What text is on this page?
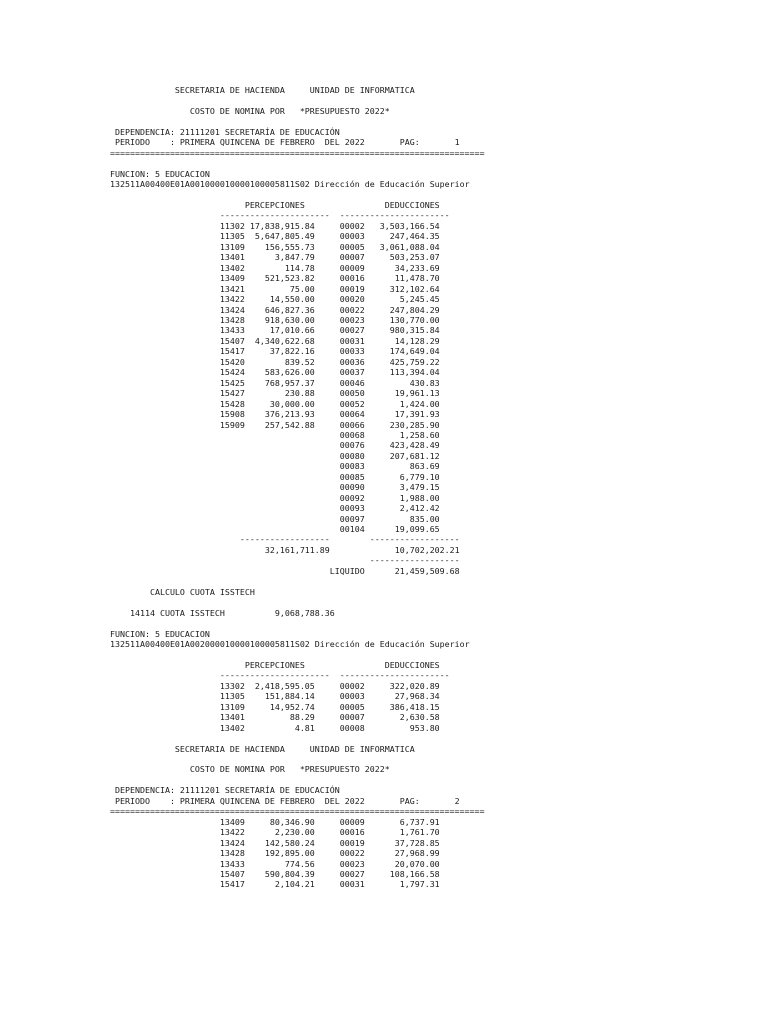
SECRETARIA DE HACIENDA     UNIDAD DE INFORMATICA

COSTO DE NOMINA POR   *PRESUPUESTO 2022*

DEPENDENCIA: 21111201 SECRETARÍA DE EDUCACIÓN
PERIODO    : PRIMERA QUINCENA DE FEBRERO  DEL 2022       PAG:       1
===========================================================================

FUNCION: 5 EDUCACION
132511A00400E01A001000010000100005811S02 Dirección de Educación Superior

PERCEPCIONES                DEDUCCIONES
----------------------  ----------------------
11302 17,838,915.84     00002   3,503,166.54
11305  5,647,805.49     00003     247,464.35
13109    156,555.73     00005   3,061,088.04
13401      3,847.79     00007     503,253.07
13402        114.78     00009      34,233.69
13409    521,523.82     00016      11,478.70
13421         75.00     00019     312,102.64
13422     14,550.00     00020       5,245.45
13424    646,827.36     00022     247,804.29
13428    918,630.00     00023     130,770.00
13433     17,010.66     00027     980,315.84
15407  4,340,622.68     00031      14,128.29
15417     37,822.16     00033     174,649.04
15420        839.52     00036     425,759.22
15424    583,626.00     00037     113,394.04
15425    768,957.37     00046         430.83
15427        230.88     00050      19,961.13
15428     30,000.00     00052       1,424.00
15908    376,213.93     00064      17,391.93
15909    257,542.88     00066     230,285.90
00068       1,258.60
00076     423,428.49
00080     207,681.12
00083         863.69
00085       6,779.10
00090       3,479.15
00092       1,988.00
00093       2,412.42
00097         835.00
00104      19,099.65
------------------        ------------------
32,161,711.89             10,702,202.21
------------------
LIQUIDO      21,459,509.68

CALCULO CUOTA ISSTECH

14114 CUOTA ISSTECH          9,068,788.36

FUNCION: 5 EDUCACION
132511A00400E01A002000010000100005811S02 Dirección de Educación Superior

PERCEPCIONES                DEDUCCIONES
----------------------  ----------------------
13302  2,418,595.05     00002     322,020.89
11305    151,884.14     00003      27,968.34
13109     14,952.74     00005     386,418.15
13401         88.29     00007       2,630.58
13402          4.81     00008         953.80

SECRETARIA DE HACIENDA     UNIDAD DE INFORMATICA

COSTO DE NOMINA POR   *PRESUPUESTO 2022*

DEPENDENCIA: 21111201 SECRETARÍA DE EDUCACIÓN
PERIODO    : PRIMERA QUINCENA DE FEBRERO  DEL 2022       PAG:       2
===========================================================================
13409     80,346.90     00009       6,737.91
13422      2,230.00     00016       1,761.70
13424    142,580.24     00019      37,728.85
13428    192,895.00     00022      27,968.99
13433        774.56     00023      20,070.00
15407    590,804.39     00027     108,166.58
15417      2,104.21     00031       1,797.31
